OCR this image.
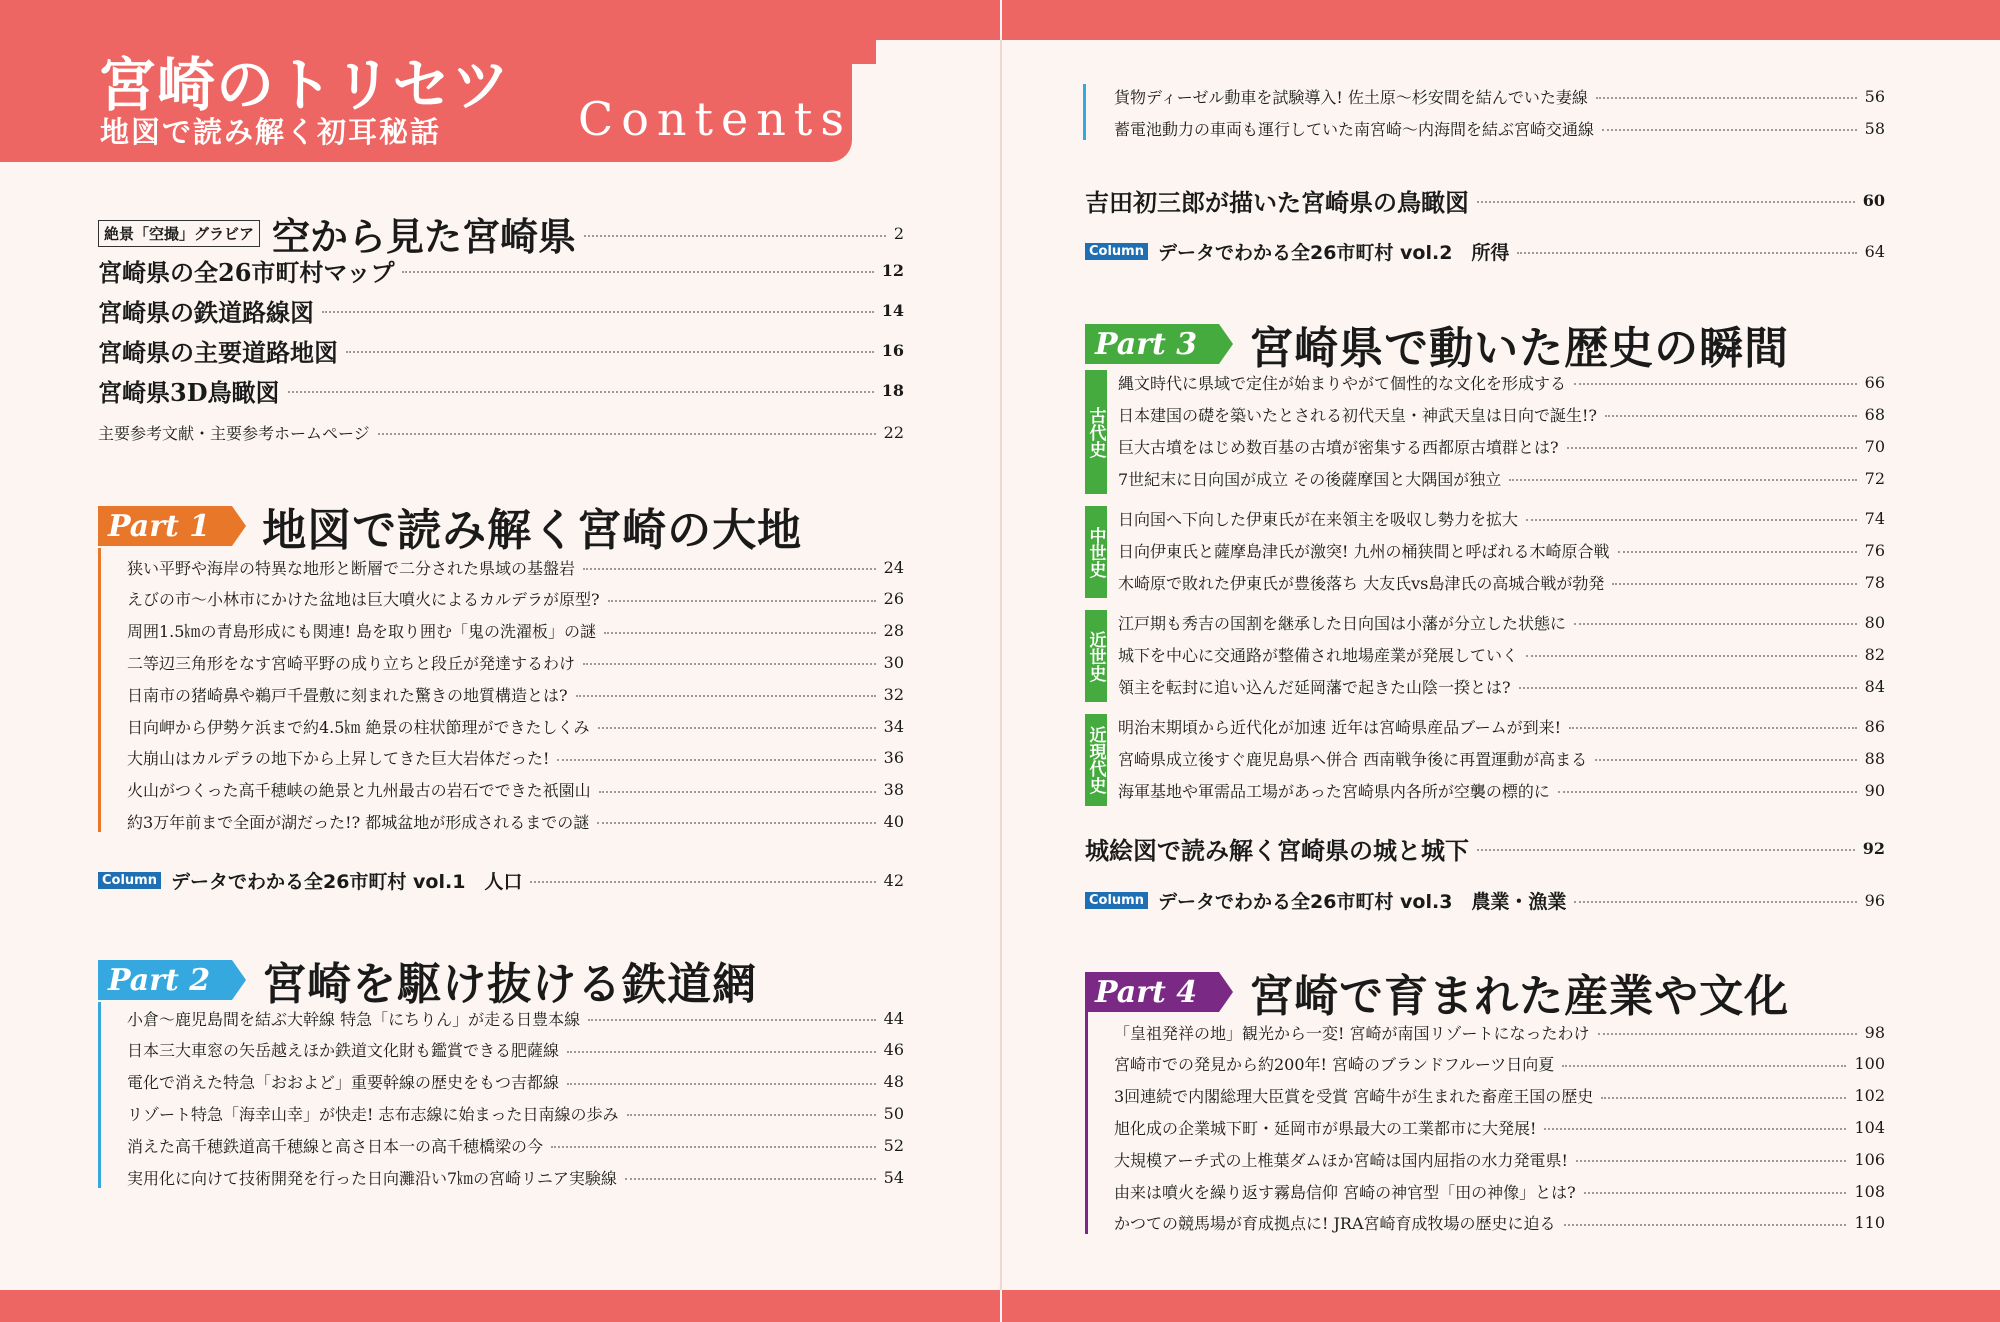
宮崎のトリセツ
地図で読み解く初耳秘話	Contents
絶景「空撮」グラビア 空から見た宮崎県	2
宮崎県の全26市町村マップ	12
宮崎県の鉄道路線図	14
宮崎県の主要道路地図	16
宮崎県3D鳥瞰図	18
主要参考文献・主要参考ホームページ	22
Part 1	地図で読み解く宮崎の大地
狭い平野や海岸の特異な地形と断層で二分された県域の基盤岩	24
えびの市～小林市にかけた盆地は巨大噴火によるカルデラが原型?	26
周囲1.5㎞の青島形成にも関連! 島を取り囲む「鬼の洗濯板」の謎	28
二等辺三角形をなす宮崎平野の成り立ちと段丘が発達するわけ	30
日南市の猪崎鼻や鵜戸千畳敷に刻まれた驚きの地質構造とは?	32
日向岬から伊勢ケ浜まで約4.5㎞ 絶景の柱状節理ができたしくみ	34
大崩山はカルデラの地下から上昇してきた巨大岩体だった!	36
火山がつくった高千穂峡の絶景と九州最古の岩石でできた祇園山	38
約3万年前まで全面が湖だった!? 都城盆地が形成されるまでの謎	40
Column データでわかる全26市町村 vol.1　人口	42
Part 2	宮崎を駆け抜ける鉄道網
小倉～鹿児島間を結ぶ大幹線 特急「にちりん」が走る日豊本線	44
日本三大車窓の矢岳越えほか鉄道文化財も鑑賞できる肥薩線	46
電化で消えた特急「おおよど」重要幹線の歴史をもつ吉都線	48
リゾート特急「海幸山幸」が快走! 志布志線に始まった日南線の歩み	50
消えた高千穂鉄道高千穂線と高さ日本一の高千穂橋梁の今	52
実用化に向けて技術開発を行った日向灘沿い7㎞の宮崎リニア実験線	54
貨物ディーゼル動車を試験導入! 佐土原～杉安間を結んでいた妻線	56
蓄電池動力の車両も運行していた南宮崎～内海間を結ぶ宮崎交通線	58
吉田初三郎が描いた宮崎県の鳥瞰図	60
Column データでわかる全26市町村 vol.2　所得	64
Part 3	宮崎県で動いた歴史の瞬間
古代史
縄文時代に県域で定住が始まりやがて個性的な文化を形成する	66
日本建国の礎を築いたとされる初代天皇・神武天皇は日向で誕生!?	68
巨大古墳をはじめ数百基の古墳が密集する西都原古墳群とは?	70
7世紀末に日向国が成立 その後薩摩国と大隅国が独立	72
中世史
日向国へ下向した伊東氏が在来領主を吸収し勢力を拡大	74
日向伊東氏と薩摩島津氏が激突! 九州の桶狭間と呼ばれる木崎原合戦	76
木崎原で敗れた伊東氏が豊後落ち 大友氏vs島津氏の高城合戦が勃発	78
近世史
江戸期も秀吉の国割を継承した日向国は小藩が分立した状態に	80
城下を中心に交通路が整備され地場産業が発展していく	82
領主を転封に追い込んだ延岡藩で起きた山陰一揆とは?	84
近現代史 明治末期頃から近代化が加速 近年は宮崎県産品ブームが到来!	86
宮崎県成立後すぐ鹿児島県へ併合 西南戦争後に再置運動が高まる	88
海軍基地や軍需品工場があった宮崎県内各所が空襲の標的に	90
城絵図で読み解く宮崎県の城と城下	92
Column データでわかる全26市町村 vol.3　農業・漁業	96
Part 4	宮崎で育まれた産業や文化
「皇祖発祥の地」観光から一変! 宮崎が南国リゾートになったわけ	98
宮崎市での発見から約200年! 宮崎のブランドフルーツ日向夏	100
3回連続で内閣総理大臣賞を受賞 宮崎牛が生まれた畜産王国の歴史	102
旭化成の企業城下町・延岡市が県最大の工業都市に大発展!	104
大規模アーチ式の上椎葉ダムほか宮崎は国内屈指の水力発電県!	106
由来は噴火を繰り返す霧島信仰 宮崎の神官型「田の神像」とは?	108
かつての競馬場が育成拠点に! JRA宮崎育成牧場の歴史に迫る	110
